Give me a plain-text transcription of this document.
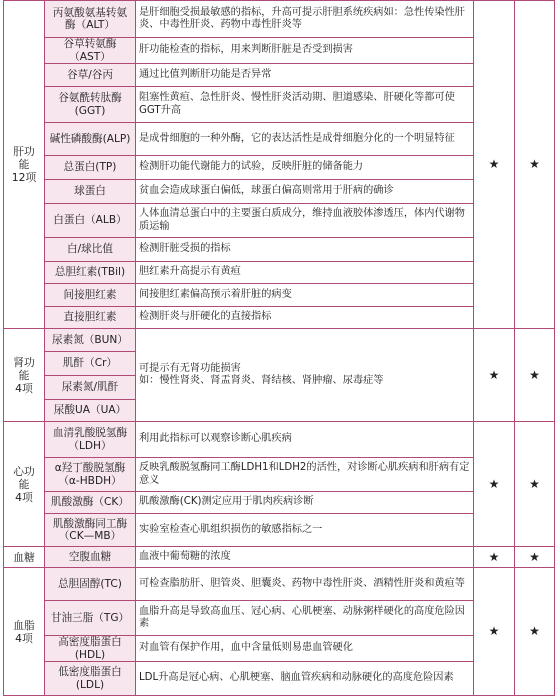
肝功
能
12项	丙氨酸氨基转氨酶（ALT）	是肝细胞受损最敏感的指标，升高可提示肝胆系统疾病如：急性传染性肝炎、中毒性肝炎、药物中毒性肝炎等	★	★
	谷草转氨酶（AST）	肝功能检查的指标，用来判断肝脏是否受到损害		
	谷草/谷丙	通过比值判断肝功能是否异常		
	谷氨酰转肽酶(GGT)	阻塞性黄疸、急性肝炎、慢性肝炎活动期、胆道感染、肝硬化等都可使GGT升高		
	碱性磷酸酶(ALP)	是成骨细胞的一种外酶，它的表达活性是成骨细胞分化的一个明显特征		
	总蛋白(TP)	检测肝功能代谢能力的试验，反映肝脏的储备能力		
	球蛋白	贫血会造成球蛋白偏低，球蛋白偏高则常用于肝病的确诊		
	白蛋白（ALB）	人体血清总蛋白中的主要蛋白质成分，维持血液胶体渗透压，体内代谢物质运输		
	白/球比值	检测肝脏受损的指标		
	总胆红素(TBil)	胆红素升高提示有黄疸		
	间接胆红素	间接胆红素偏高预示着肝脏的病变		
	直接胆红素	检测肝炎与肝硬化的直接指标		
肾功
能
4项	尿素氮（BUN）	可提示有无肾功能损害
如：慢性肾炎、肾盂肾炎、肾结核、肾肿瘤、尿毒症等	★	★
	肌酐（Cr）			
	尿素氮/肌酐			
	尿酸UA（UA）			
心功
能
4项	血清乳酸脱氢酶（LDH）	利用此指标可以观察诊断心肌疾病	★	★
	α羟丁酸脱氢酶（α-HBDH）	反映乳酸脱氢酶同工酶LDH1和LDH2的活性，对诊断心肌疾病和肝病有定意义		
	肌酸激酶（CK）	肌酸激酶(CK)测定应用于肌肉疾病诊断		
	肌酸激酶同工酶（CK—MB）	实验室检查心肌组织损伤的敏感指标之一		
血糖	空腹血糖	血液中葡萄糖的浓度	★	★
血脂
4项	总胆固醇(TC)	可检查脂肪肝、胆管炎、胆囊炎、药物中毒性肝炎、酒精性肝炎和黄疸等	★	★
	甘油三脂（TG）	血脂升高是导致高血压、冠心病、心肌梗塞、动脉粥样硬化的高度危险因素		
	高密度脂蛋白(HDL)	对血管有保护作用，血中含量低则易患血管硬化		
	低密度脂蛋白(LDL)	LDL升高是冠心病、心肌梗塞、脑血管疾病和动脉硬化的高度危险因素		
